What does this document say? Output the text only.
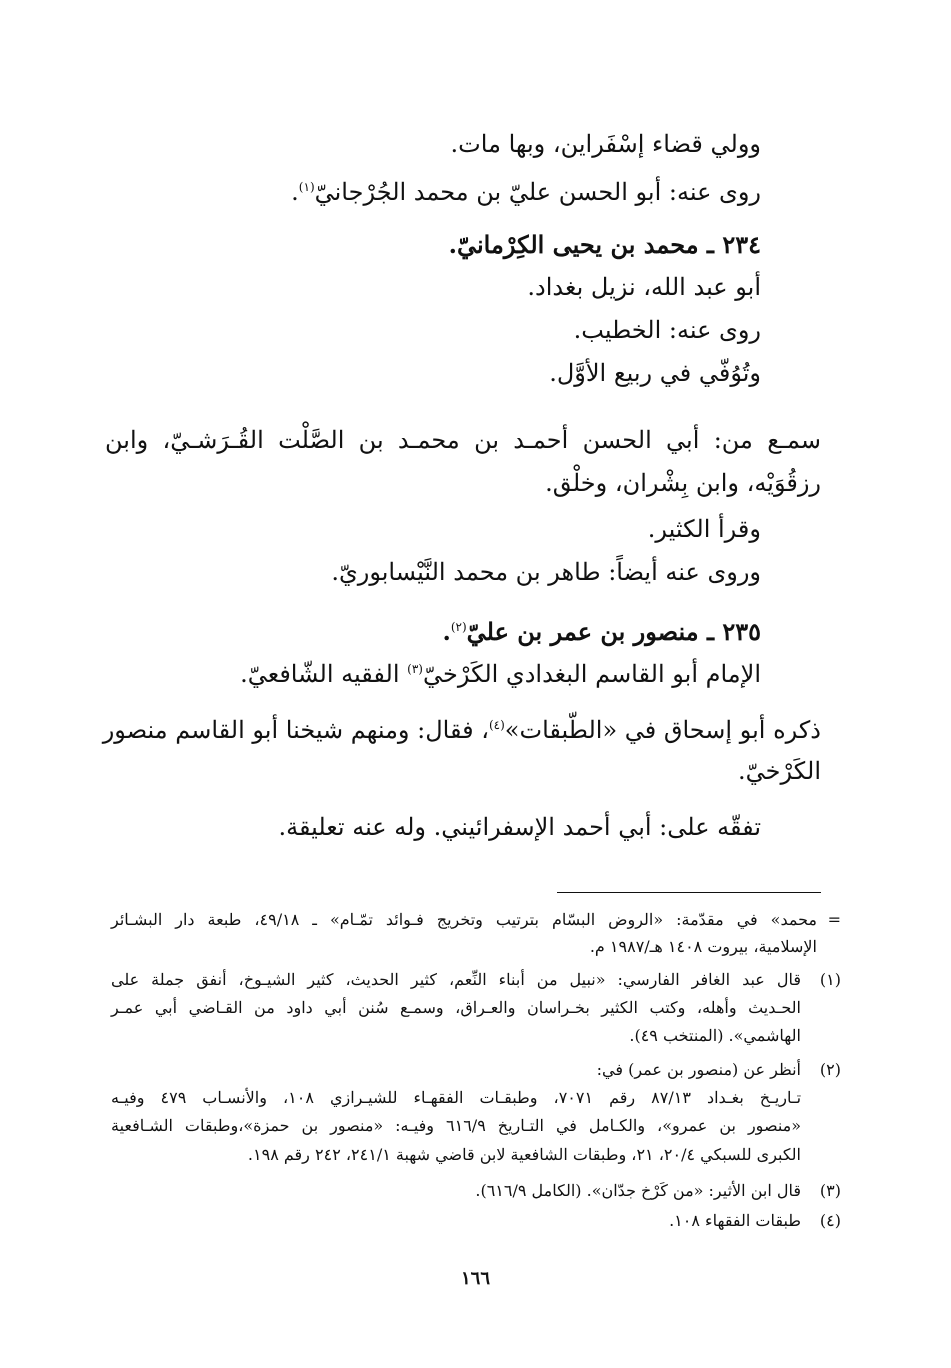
وولي قضاء إسْفَراين، وبها مات.
روى عنه: أبو الحسن عليّ بن محمد الجُرْجانيّ$^{(١)}$.
٢٣٤ ـ محمد بن يحيى الكِرْمانيّ.
أبو عبد الله، نزيل بغداد.
روى عنه: الخطيب.
وتُوُفّي في ربيع الأوَّل.
سمـع من: أبي الحسن أحمـد بن محمـد بن الصَّلْت القُـرَشـيّ، وابن
رزقُوَيْه، وابن بِشْران، وخلْق.
وقرأ الكثير.
وروى عنه أيضاً: طاهر بن محمد النَّيْسابوريّ.
٢٣٥ ـ منصور بن عمر بن عليّ$^{(٢)}$.
الإمام أبو القاسم البغدادي الكَرْخيّ$^{(٣)}$ الفقيه الشّافعيّ.
ذكره أبو إسحاق في «الطّبقات»$^{(٤)}$، فقال: ومنهم شيخنا أبو القاسم منصور
الكَرْخيّ.
تفقّه على: أبي أحمد الإسفرائيني. وله عنه تعليقة.
=
محمد» في مقدّمة: «الروض البسّام بترتيب وتخريج فـوائد تمّـام» ـ ٤٩/١٨، طبعة دار البشـائر
الإسلامية، بيروت ١٤٠٨ هـ/١٩٨٧ م.
(١)
قال عبد الغافر الفارسي: «نبيل من أبناء النِّعم، كثير الحديث، كثير الشيـوخ، أنفق جملة على
الحـديث وأهله، وكتب الكثير بخـراسان والعـراق، وسمـع سُنن أبي داود من القـاضي أبي عمـر
الهاشمي». (المنتخب ٤٩).
(٢)
أنظر عن (منصور بن عمر) في:
تـاريـخ بغـداد ٨٧/١٣ رقم ٧٠٧١، وطبقـات الفقهـاء للشيـرازي ١٠٨، والأنسـاب ٤٧٩ وفيـه
«منصور بن عمرو»، والكـامل في التـاريخ ٦١٦/٩ وفيـه: «منصور بن حمزة»،وطبقات الشـافعية
الكبرى للسبكي ٢٠/٤، ٢١، وطبقات الشافعية لابن قاضي شهبة ٢٤١/١، ٢٤٢ رقم ١٩٨.
(٣)
قال ابن الأثير: «من كَرْخ جدّان». (الكامل ٦١٦/٩).
(٤)
طبقات الفقهاء ١٠٨.
١٦٦
